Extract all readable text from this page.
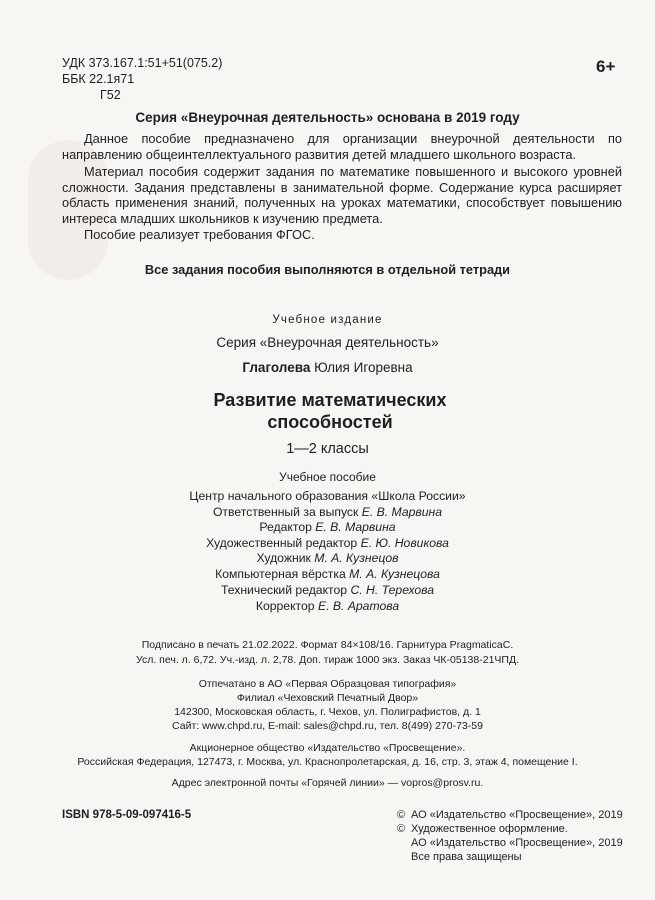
УДК 373.167.1:51+51(075.2)
ББК 22.1я71
Г52
6+
Серия «Внеурочная деятельность» основана в 2019 году
Данное пособие предназначено для организации внеурочной деятельности по направлению общеинтеллектуального развития детей младшего школьного возраста.
Материал пособия содержит задания по математике повышенного и высокого уровней сложности. Задания представлены в занимательной форме. Содержание курса расширяет область применения знаний, полученных на уроках математики, способствует повышению интереса младших школьников к изучению предмета.
Пособие реализует требования ФГОС.
Все задания пособия выполняются в отдельной тетради
Учебное издание
Серия «Внеурочная деятельность»
Глаголева Юлия Игоревна
Развитие математических способностей
1—2 классы
Учебное пособие
Центр начального образования «Школа России»
Ответственный за выпуск Е. В. Марвина
Редактор Е. В. Марвина
Художественный редактор Е. Ю. Новикова
Художник М. А. Кузнецов
Компьютерная вёрстка М. А. Кузнецова
Технический редактор С. Н. Терехова
Корректор Е. В. Аратова
Подписано в печать 21.02.2022. Формат 84×108/16. Гарнитура PragmaticaC.
Усл. печ. л. 6,72. Уч.-изд. л. 2,78. Доп. тираж 1000 экз. Заказ ЧК-05138-21ЧПД.
Отпечатано в АО «Первая Образцовая типография»
Филиал «Чеховский Печатный Двор»
142300, Московская область, г. Чехов, ул. Полиграфистов, д. 1
Сайт: www.chpd.ru, E-mail: sales@chpd.ru, тел. 8(499) 270-73-59
Акционерное общество «Издательство «Просвещение».
Российская Федерация, 127473, г. Москва, ул. Краснопролетарская, д. 16, стр. 3, этаж 4, помещение I.
Адрес электронной почты «Горячей линии» — vopros@prosv.ru.
ISBN 978-5-09-097416-5	© АО «Издательство «Просвещение», 2019
© Художественное оформление.
АО «Издательство «Просвещение», 2019
Все права защищены
